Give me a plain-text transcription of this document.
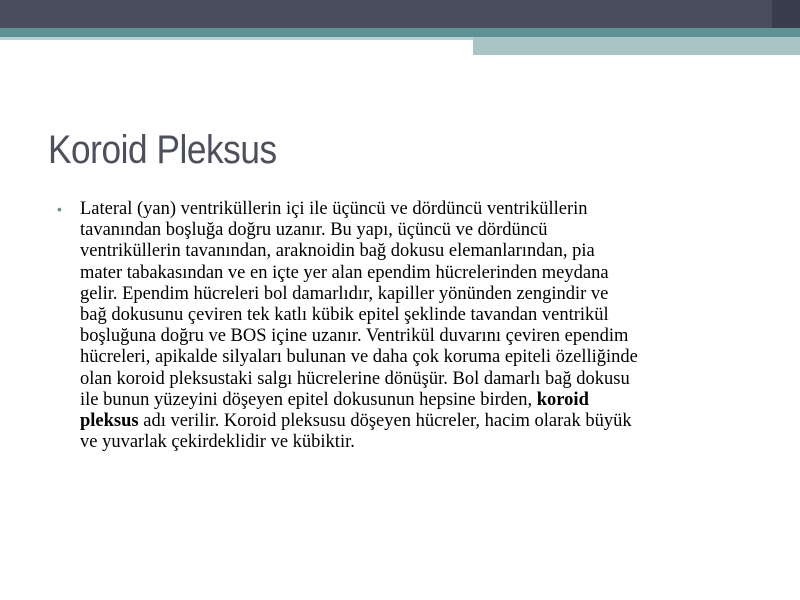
Koroid Pleksus
• Lateral (yan) ventriküllerin içi ile üçüncü ve dördüncü ventriküllerin
tavanından boşluğa doğru uzanır. Bu yapı, üçüncü ve dördüncü
ventriküllerin tavanından, araknoidin bağ dokusu elemanlarından, pia
mater tabakasından ve en içte yer alan ependim hücrelerinden meydana
gelir. Ependim hücreleri bol damarlıdır, kapiller yönünden zengindir ve
bağ dokusunu çeviren tek katlı kübik epitel şeklinde tavandan ventrikül
boşluğuna doğru ve BOS içine uzanır. Ventrikül duvarını çeviren ependim
hücreleri, apikalde silyaları bulunan ve daha çok koruma epiteli özelliğinde
olan koroid pleksustaki salgı hücrelerine dönüşür. Bol damarlı bağ dokusu
ile bunun yüzeyini döşeyen epitel dokusunun hepsine birden, koroid
pleksus adı verilir. Koroid pleksusu döşeyen hücreler, hacim olarak büyük
ve yuvarlak çekirdeklidir ve kübiktir.
